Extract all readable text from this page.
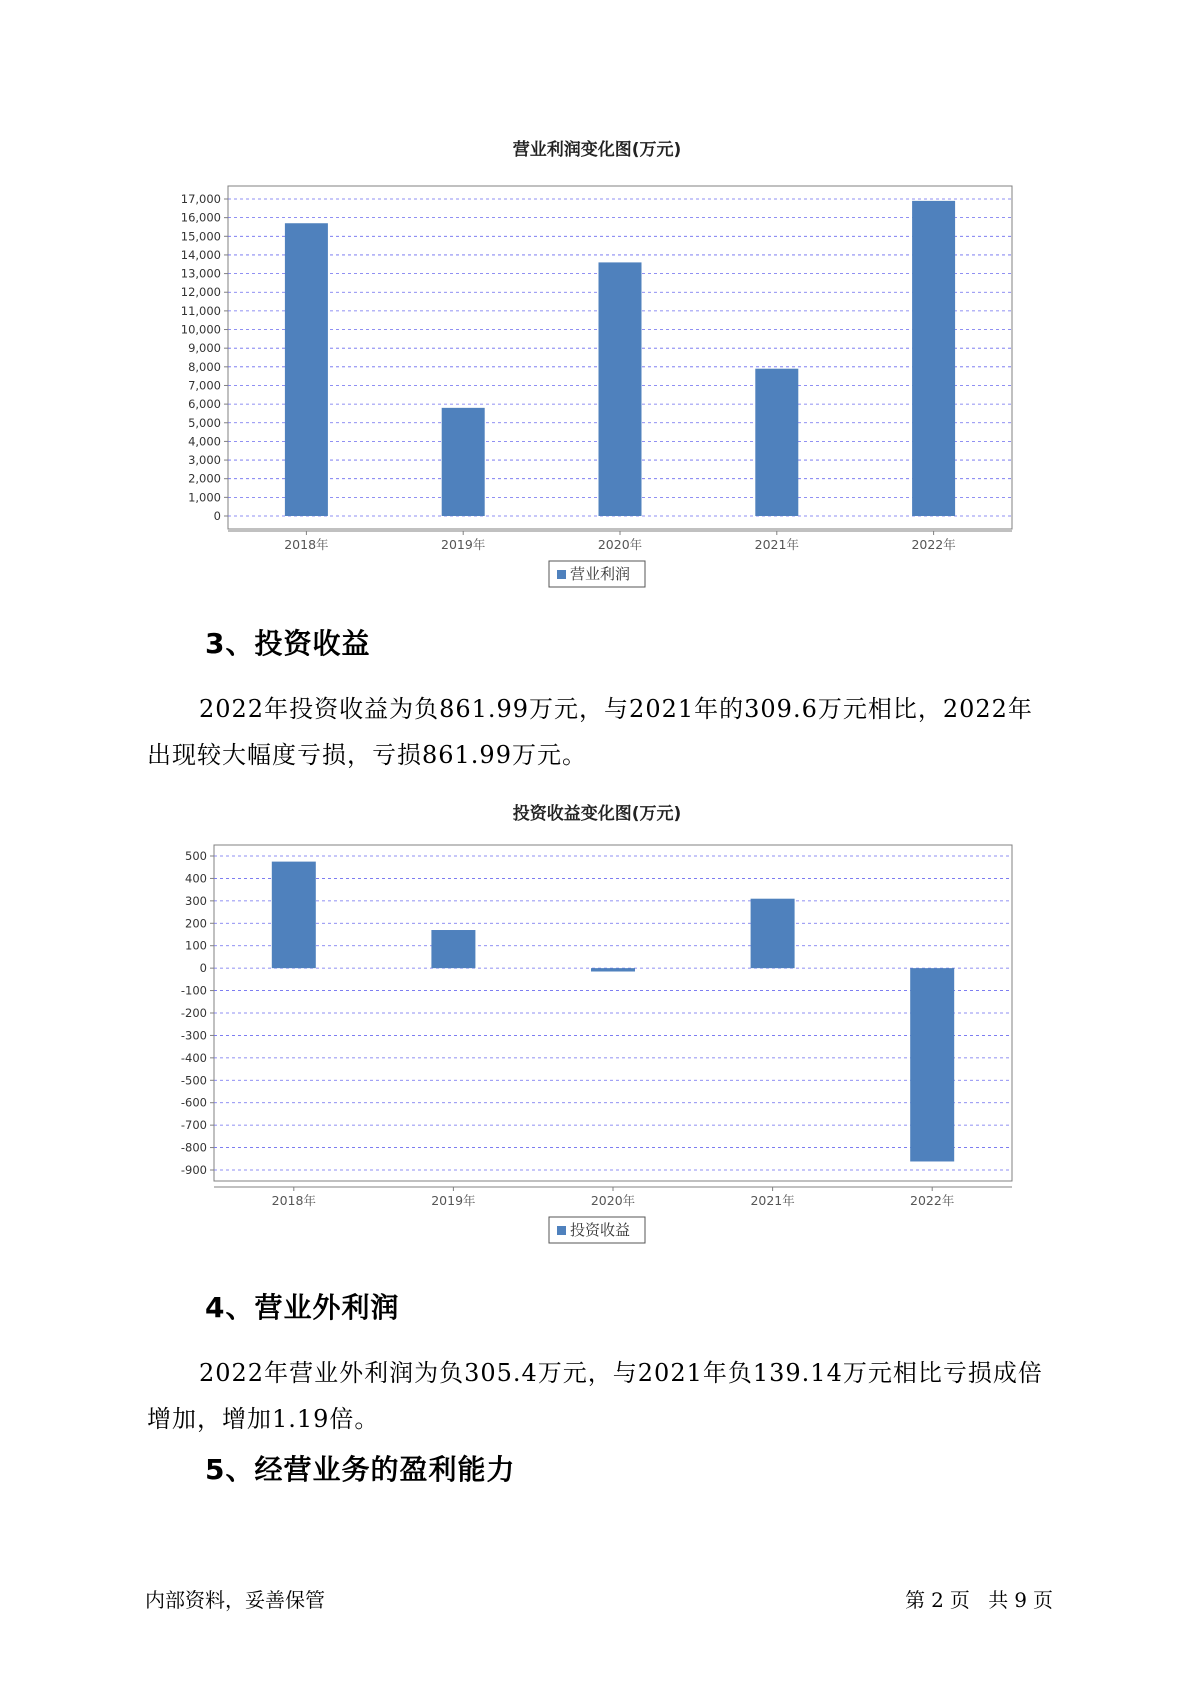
营业利润变化图(万元)
0
1,000
2,000
3,000
4,000
5,000
6,000
7,000
8,000
9,000
10,000
11,000
12,000
13,000
14,000
15,000
16,000
17,000
2018年	2019年	2020年	2021年	2022年
营业利润
3、投资收益
2022年投资收益为负861.99万元，与2021年的309.6万元相比，2022年出现较大幅度亏损，亏损861.99万元。
投资收益变化图(万元)
500
400
300
200
100
0
-100
-200
-300
-400
-500
-600
-700
-800
-900
2018年	2019年	2020年	2021年	2022年
投资收益
4、营业外利润
2022年营业外利润为负305.4万元，与2021年负139.14万元相比亏损成倍增加，增加1.19倍。
5、经营业务的盈利能力
内部资料，妥善保管	第 2 页 共 9 页
